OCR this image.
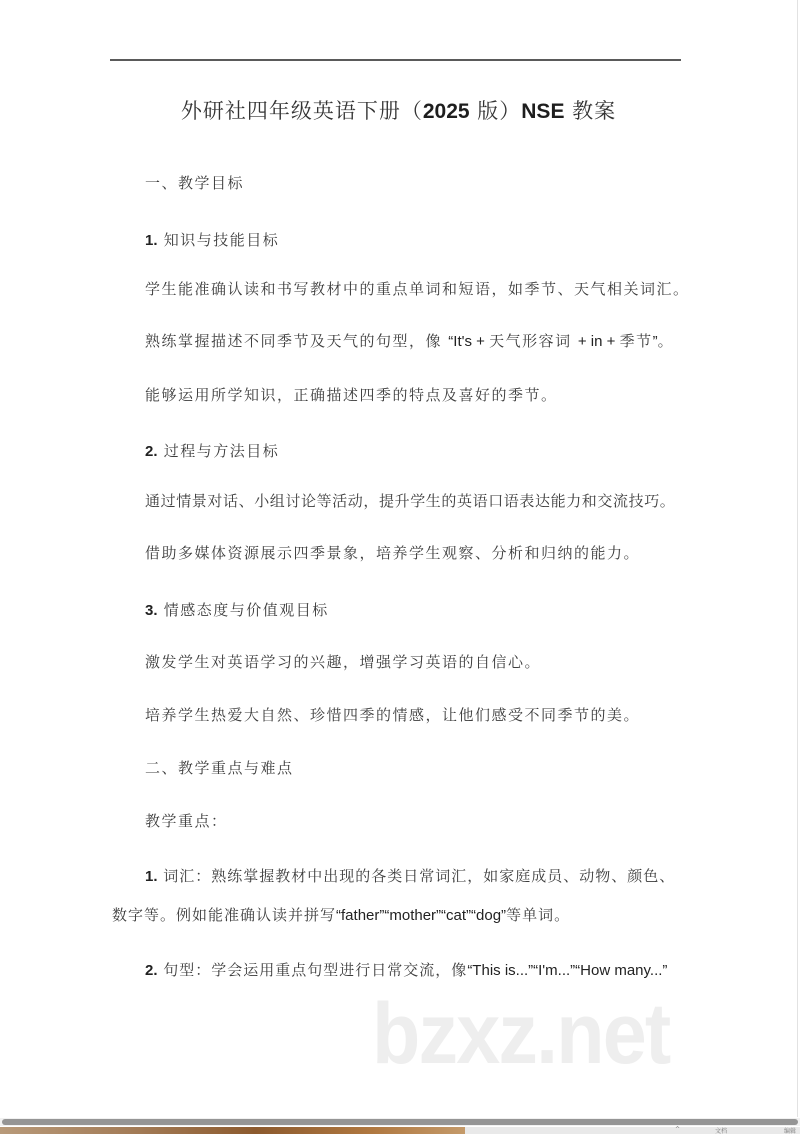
外研社四年级英语下册（2025 版）NSE 教案
一、教学目标
1. 知识与技能目标
学生能准确认读和书写教材中的重点单词和短语，如季节、天气相关词汇。
熟练掌握描述不同季节及天气的句型，像 “It's + 天气形容词 + in + 季节”。
能够运用所学知识，正确描述四季的特点及喜好的季节。
2. 过程与方法目标
通过情景对话、小组讨论等活动，提升学生的英语口语表达能力和交流技巧。
借助多媒体资源展示四季景象，培养学生观察、分析和归纳的能力。
3. 情感态度与价值观目标
激发学生对英语学习的兴趣，增强学习英语的自信心。
培养学生热爱大自然、珍惜四季的情感，让他们感受不同季节的美。
二、教学重点与难点
教学重点：
1. 词汇：熟练掌握教材中出现的各类日常词汇，如家庭成员、动物、颜色、
数字等。例如能准确认读并拼写“father”“mother”“cat”“dog”等单词。
2. 句型：学会运用重点句型进行日常交流，像“This is...”“I'm...”“How many...”
bzxz.net
^	文档	编辑
